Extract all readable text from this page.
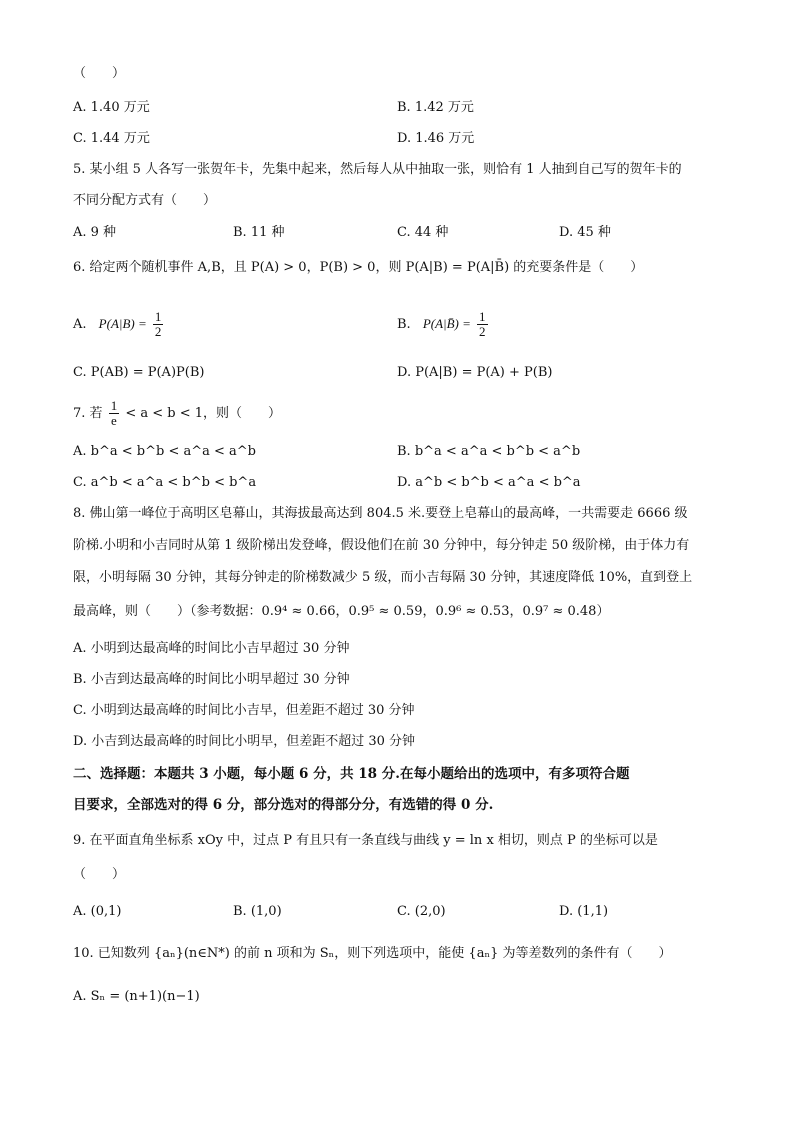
（　　）
A. 1.40 万元	B. 1.42 万元
C. 1.44 万元	D. 1.46 万元
5. 某小组 5 人各写一张贺年卡，先集中起来，然后每人从中抽取一张，则恰有 1 人抽到自己写的贺年卡的
不同分配方式有（　　）
A. 9 种	B. 11 种	C. 44 种	D. 45 种
6. 给定两个随机事件 A,B，且 P(A) > 0，P(B) > 0，则 P(A|B) = P(A|B̄) 的充要条件是（　　）
A. $P(A|B) = \frac{1}{2}$	B. P(A|B̄) = $\frac{1}{2}$
C. P(AB) = P(A)P(B)	D. P(A|B) = P(A) + P(B)
7. 若 $\frac{1}{e} < a < b < 1$，则（　　）
A. b^a < b^b < a^a < a^b	B. b^a < a^a < b^b < a^b
C. a^b < a^a < b^b < b^a	D. a^b < b^b < a^a < b^a
8. 佛山第一峰位于高明区皂幕山，其海拔最高达到 804.5 米.要登上皂幕山的最高峰，一共需要走 6666 级
阶梯.小明和小吉同时从第 1 级阶梯出发登峰，假设他们在前 30 分钟中，每分钟走 50 级阶梯，由于体力有
限，小明每隔 30 分钟，其每分钟走的阶梯数减少 5 级，而小吉每隔 30 分钟，其速度降低 10%，直到登上
最高峰，则（　　）（参考数据：0.9⁴ ≈ 0.66，0.9⁵ ≈ 0.59，0.9⁶ ≈ 0.53，0.9⁷ ≈ 0.48）
A. 小明到达最高峰的时间比小吉早超过 30 分钟
B. 小吉到达最高峰的时间比小明早超过 30 分钟
C. 小明到达最高峰的时间比小吉早，但差距不超过 30 分钟
D. 小吉到达最高峰的时间比小明早，但差距不超过 30 分钟
二、选择题：本题共 3 小题，每小题 6 分，共 18 分.在每小题给出的选项中，有多项符合题
目要求，全部选对的得 6 分，部分选对的得部分分，有选错的得 0 分.
9. 在平面直角坐标系 xOy 中，过点 P 有且只有一条直线与曲线 y = ln x 相切，则点 P 的坐标可以是
（　　）
A. (0,1)	B. (1,0)	C. (2,0)	D. (1,1)
10. 已知数列 {aₙ}(n∈N*) 的前 n 项和为 Sₙ，则下列选项中，能使 {aₙ} 为等差数列的条件有（　　）
A. Sₙ = (n+1)(n−1)
